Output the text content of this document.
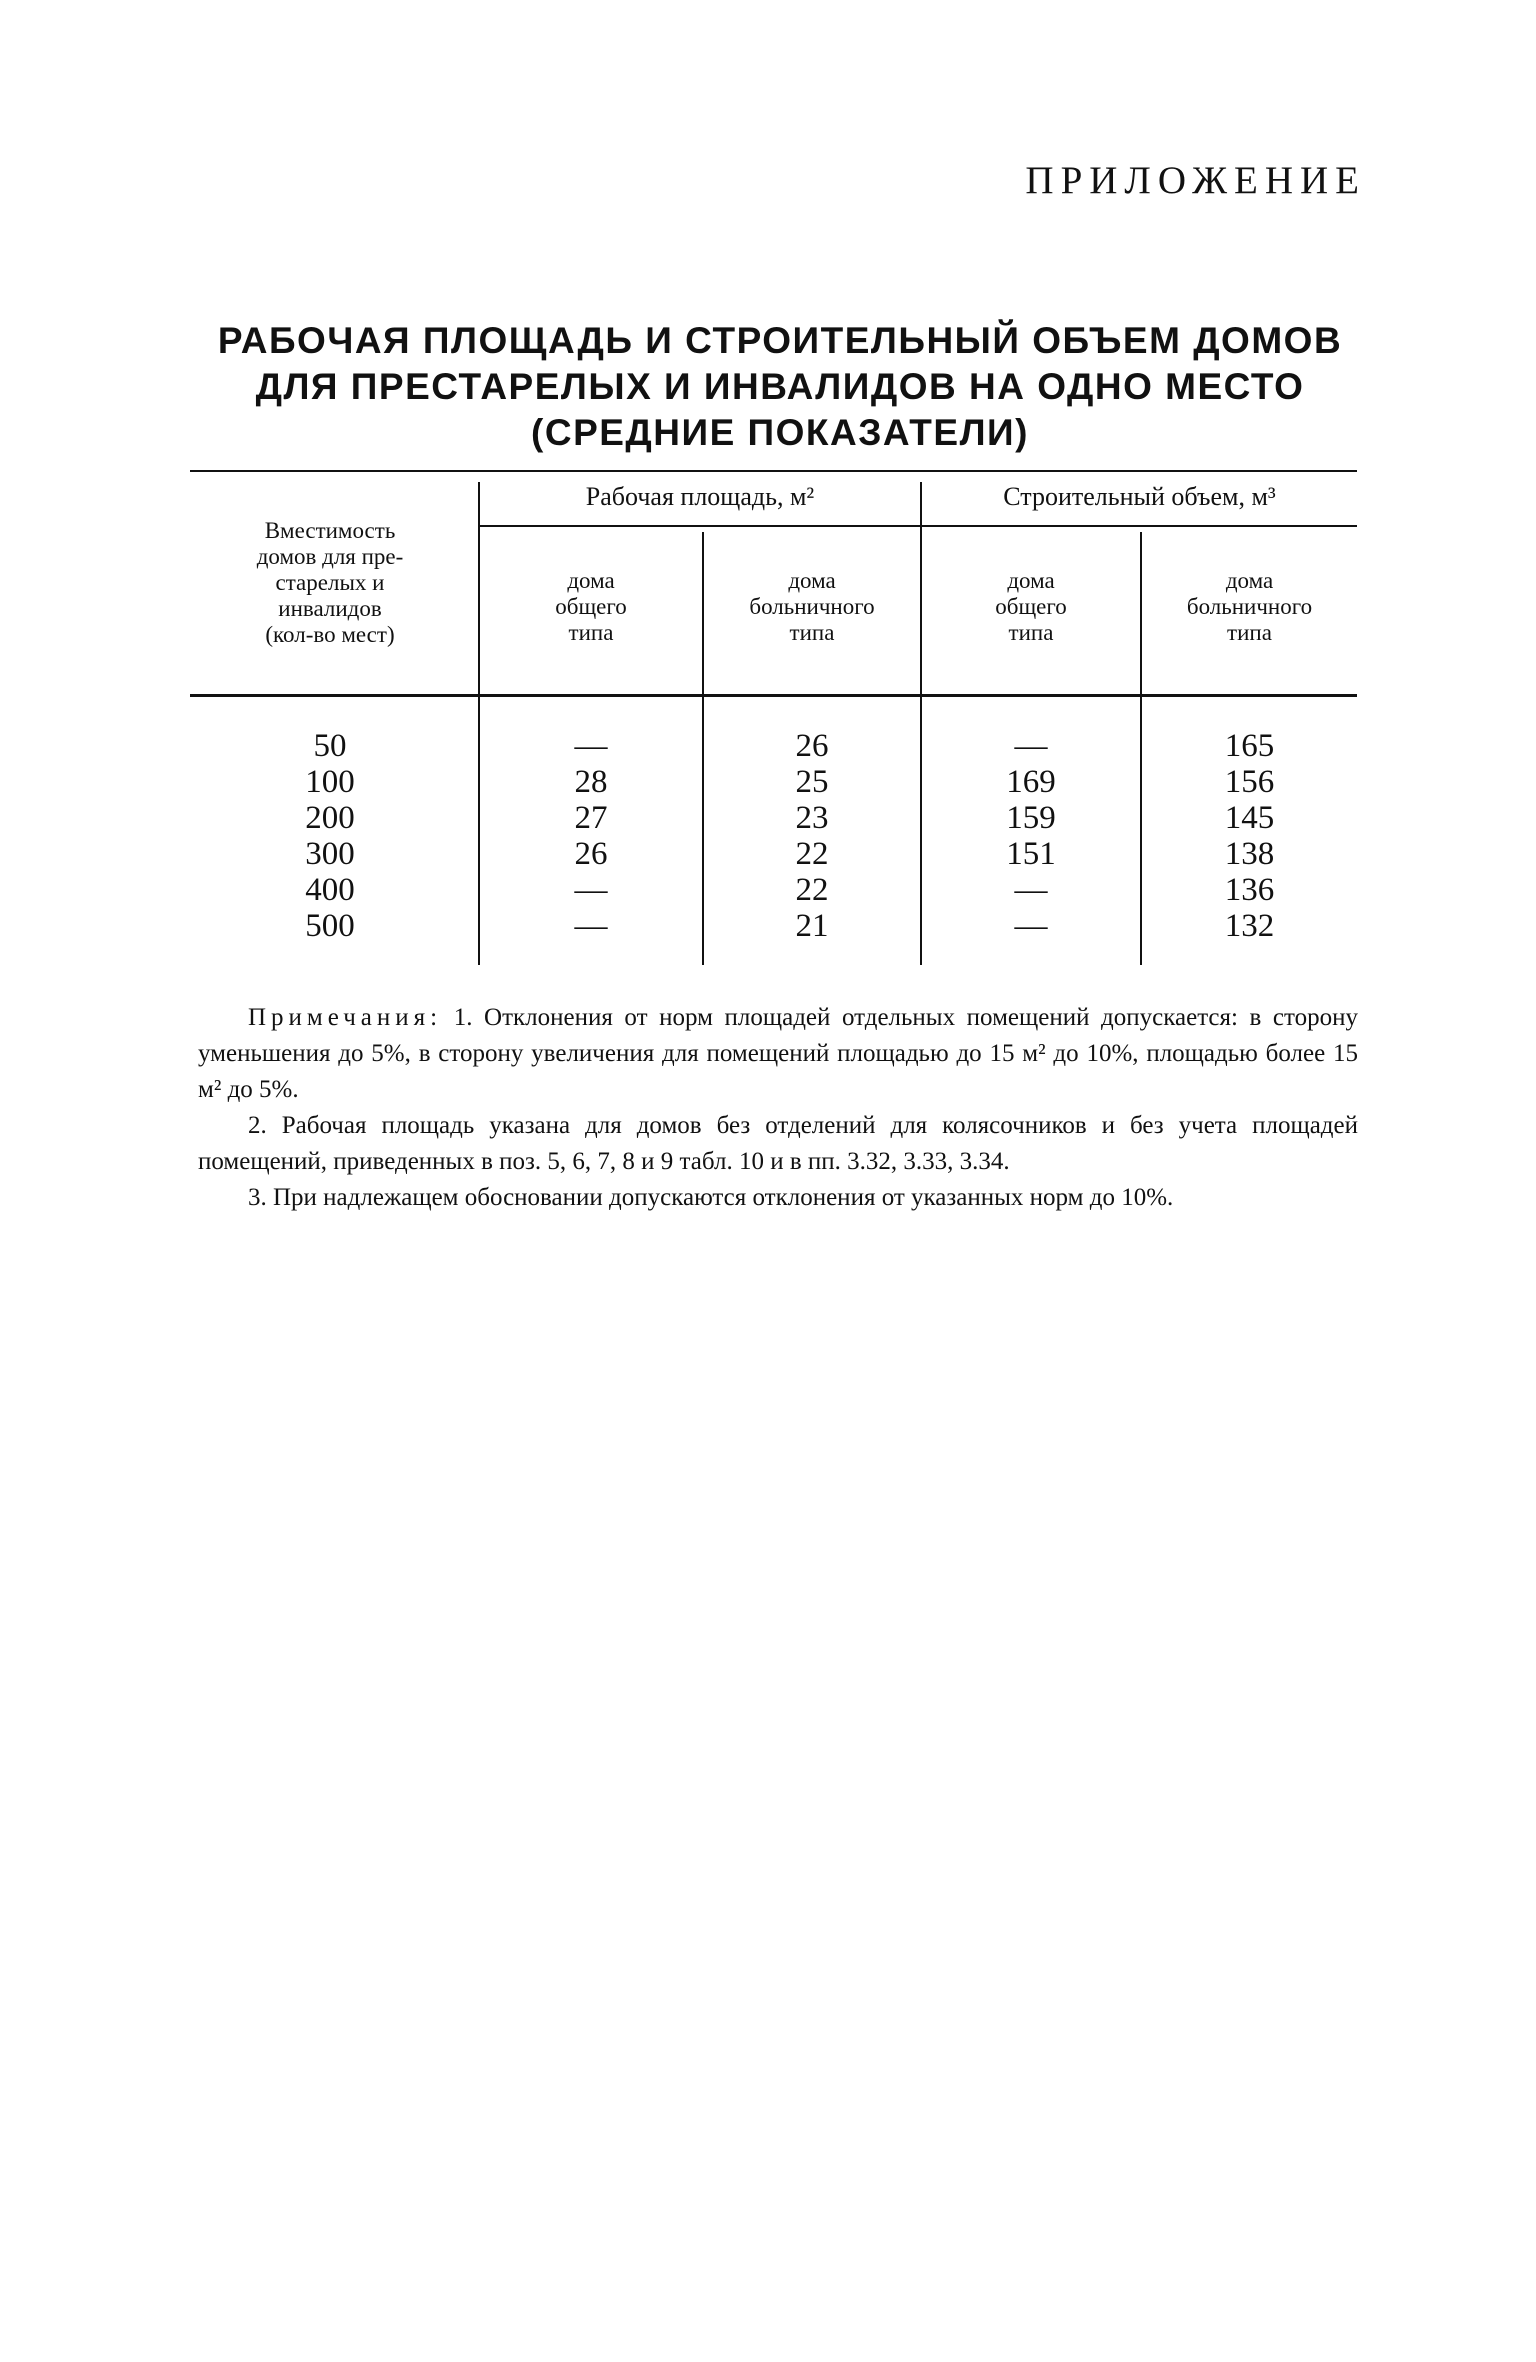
ПРИЛОЖЕНИЕ
РАБОЧАЯ ПЛОЩАДЬ И СТРОИТЕЛЬНЫЙ ОБЪЕМ ДОМОВ
ДЛЯ ПРЕСТАРЕЛЫХ И ИНВАЛИДОВ НА ОДНО МЕСТО
(СРЕДНИЕ ПОКАЗАТЕЛИ)
Вместимость
домов для пре-
старелых и
инвалидов
(кол-во мест)
Рабочая площадь, м²	Строительный объем, м³
дома
общего
типа
дома
больничного
типа
дома
общего
типа
дома
больничного
типа
50
100
200
300
400
500
—
28
27
26
—
—
26
25
23
22
22
21
—
169
159
151
—
—
165
156
145
138
136
132

Примечания: 1. Отклонения от норм площадей отдельных помещений допускается: в сторону уменьшения до 5%, в сторону увеличения для помещений площадью до 15 м² до 10%, площадью более 15 м² до 5%.

2. Рабочая площадь указана для домов без отделений для колясочников и без учета площадей помещений, приведенных в поз. 5, 6, 7, 8 и 9 табл. 10 и в пп. 3.32, 3.33, 3.34.

3. При надлежащем обосновании допускаются отклонения от указанных норм до 10%.
